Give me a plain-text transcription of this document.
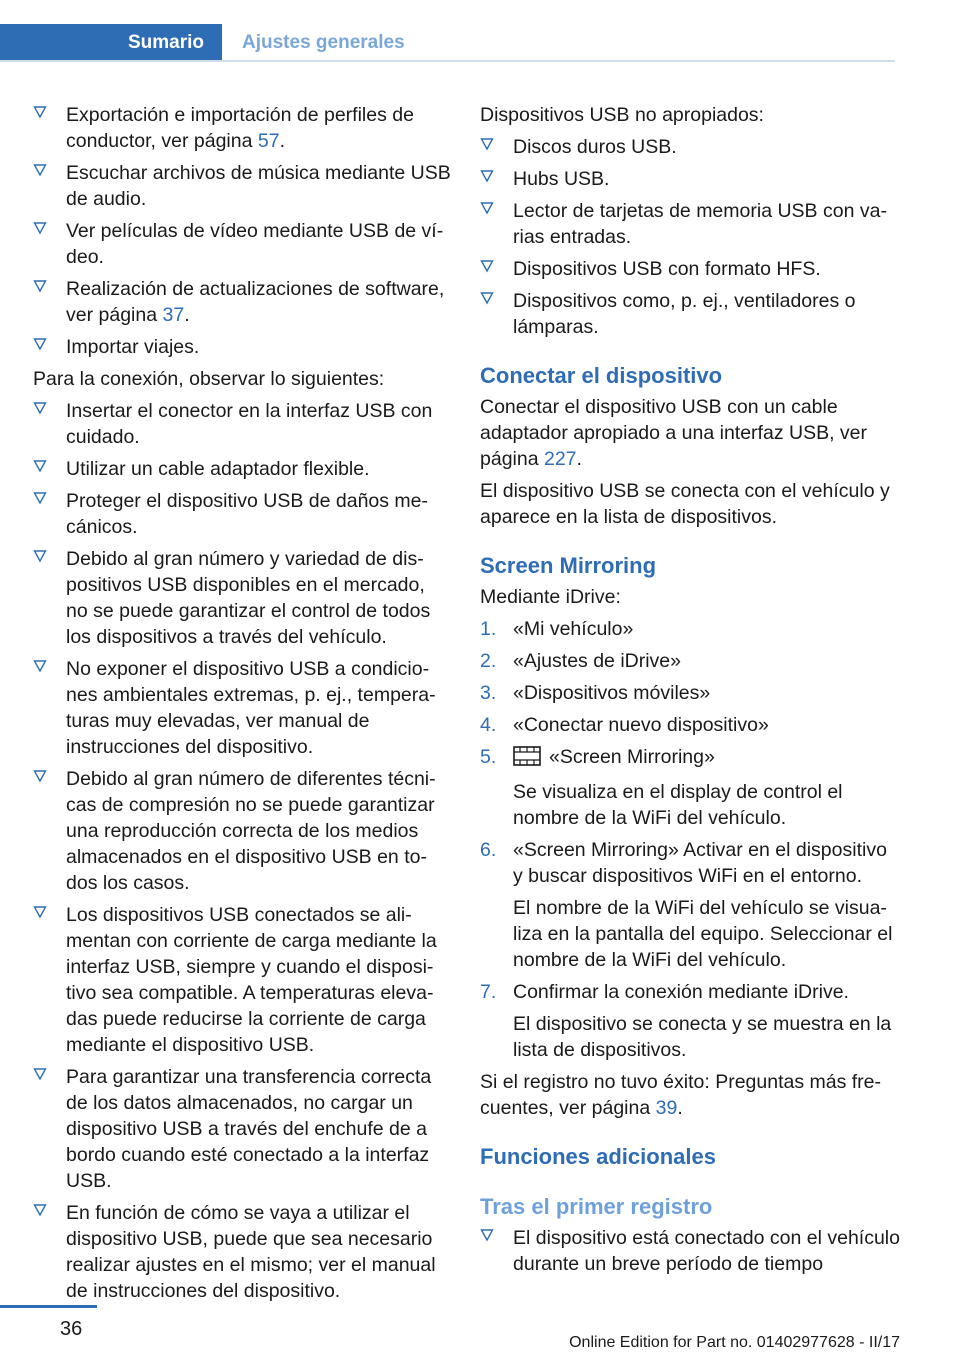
Sumario	Ajustes generales
Exportación e importación de perfiles de conductor, ver página 57.
Escuchar archivos de música mediante USB de audio.
Ver películas de vídeo mediante USB de vídeo.
Realización de actualizaciones de software, ver página 37.
Importar viajes.
Para la conexión, observar lo siguientes:
Insertar el conector en la interfaz USB con cuidado.
Utilizar un cable adaptador flexible.
Proteger el dispositivo USB de daños mecánicos.
Debido al gran número y variedad de dispositivos USB disponibles en el mercado, no se puede garantizar el control de todos los dispositivos a través del vehículo.
No exponer el dispositivo USB a condiciones ambientales extremas, p. ej., temperaturas muy elevadas, ver manual de instrucciones del dispositivo.
Debido al gran número de diferentes técnicas de compresión no se puede garantizar una reproducción correcta de los medios almacenados en el dispositivo USB en todos los casos.
Los dispositivos USB conectados se alimentan con corriente de carga mediante la interfaz USB, siempre y cuando el dispositivo sea compatible. A temperaturas elevadas puede reducirse la corriente de carga mediante el dispositivo USB.
Para garantizar una transferencia correcta de los datos almacenados, no cargar un dispositivo USB a través del enchufe de a bordo cuando esté conectado a la interfaz USB.
En función de cómo se vaya a utilizar el dispositivo USB, puede que sea necesario realizar ajustes en el mismo; ver el manual de instrucciones del dispositivo.
Dispositivos USB no apropiados:
Discos duros USB.
Hubs USB.
Lector de tarjetas de memoria USB con varias entradas.
Dispositivos USB con formato HFS.
Dispositivos como, p. ej., ventiladores o lámparas.
Conectar el dispositivo
Conectar el dispositivo USB con un cable adaptador apropiado a una interfaz USB, ver página 227.
El dispositivo USB se conecta con el vehículo y aparece en la lista de dispositivos.
Screen Mirroring
Mediante iDrive:
1. «Mi vehículo»
2. «Ajustes de iDrive»
3. «Dispositivos móviles»
4. «Conectar nuevo dispositivo»
5.	«Screen Mirroring»
Se visualiza en el display de control el nombre de la WiFi del vehículo.
6. «Screen Mirroring» Activar en el dispositivo y buscar dispositivos WiFi en el entorno.
El nombre de la WiFi del vehículo se visualiza en la pantalla del equipo. Seleccionar el nombre de la WiFi del vehículo.
7. Confirmar la conexión mediante iDrive.
El dispositivo se conecta y se muestra en la lista de dispositivos.
Si el registro no tuvo éxito: Preguntas más frecuentes, ver página 39.
Funciones adicionales
Tras el primer registro
El dispositivo está conectado con el vehículo durante un breve período de tiempo
36
Online Edition for Part no. 01402977628 - II/17
